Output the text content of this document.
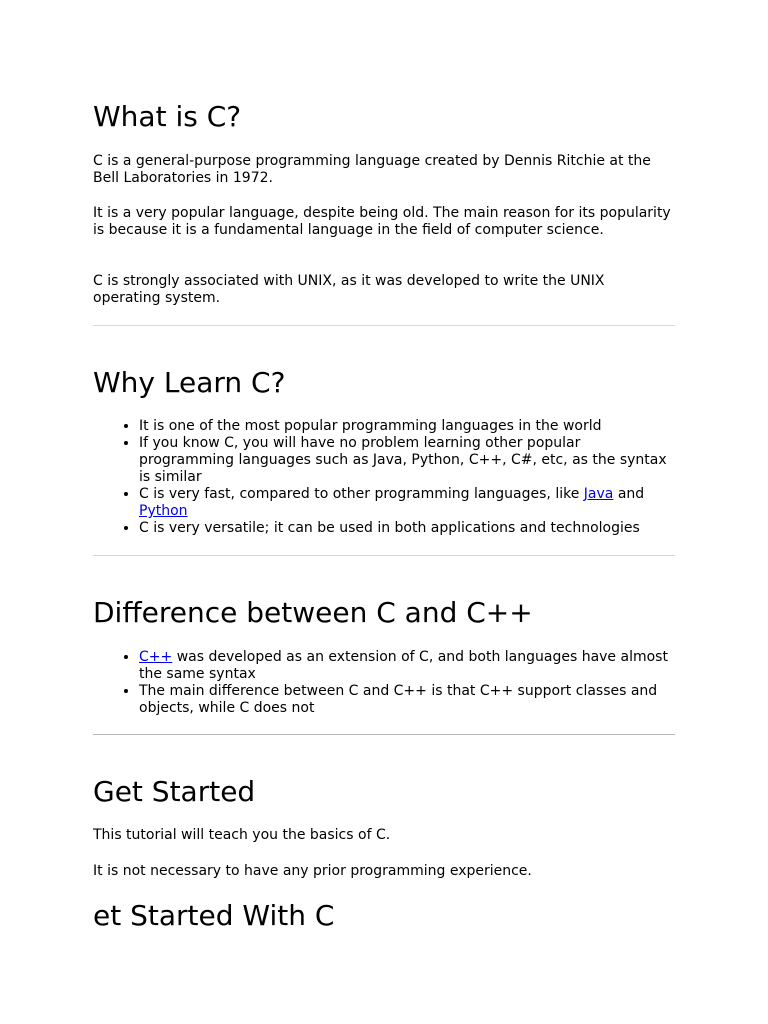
What is C?

C is a general-purpose programming language created by Dennis Ritchie at the Bell Laboratories in 1972.

It is a very popular language, despite being old. The main reason for its popularity is because it is a fundamental language in the field of computer science.

C is strongly associated with UNIX, as it was developed to write the UNIX operating system.

Why Learn C?
• It is one of the most popular programming languages in the world
• If you know C, you will have no problem learning other popular programming languages such as Java, Python, C++, C#, etc, as the syntax is similar
• C is very fast, compared to other programming languages, like Java and Python
• C is very versatile; it can be used in both applications and technologies
Difference between C and C++
• C++ was developed as an extension of C, and both languages have almost the same syntax
• The main difference between C and C++ is that C++ support classes and objects, while C does not
Get Started

This tutorial will teach you the basics of C.

It is not necessary to have any prior programming experience.

et Started With C
